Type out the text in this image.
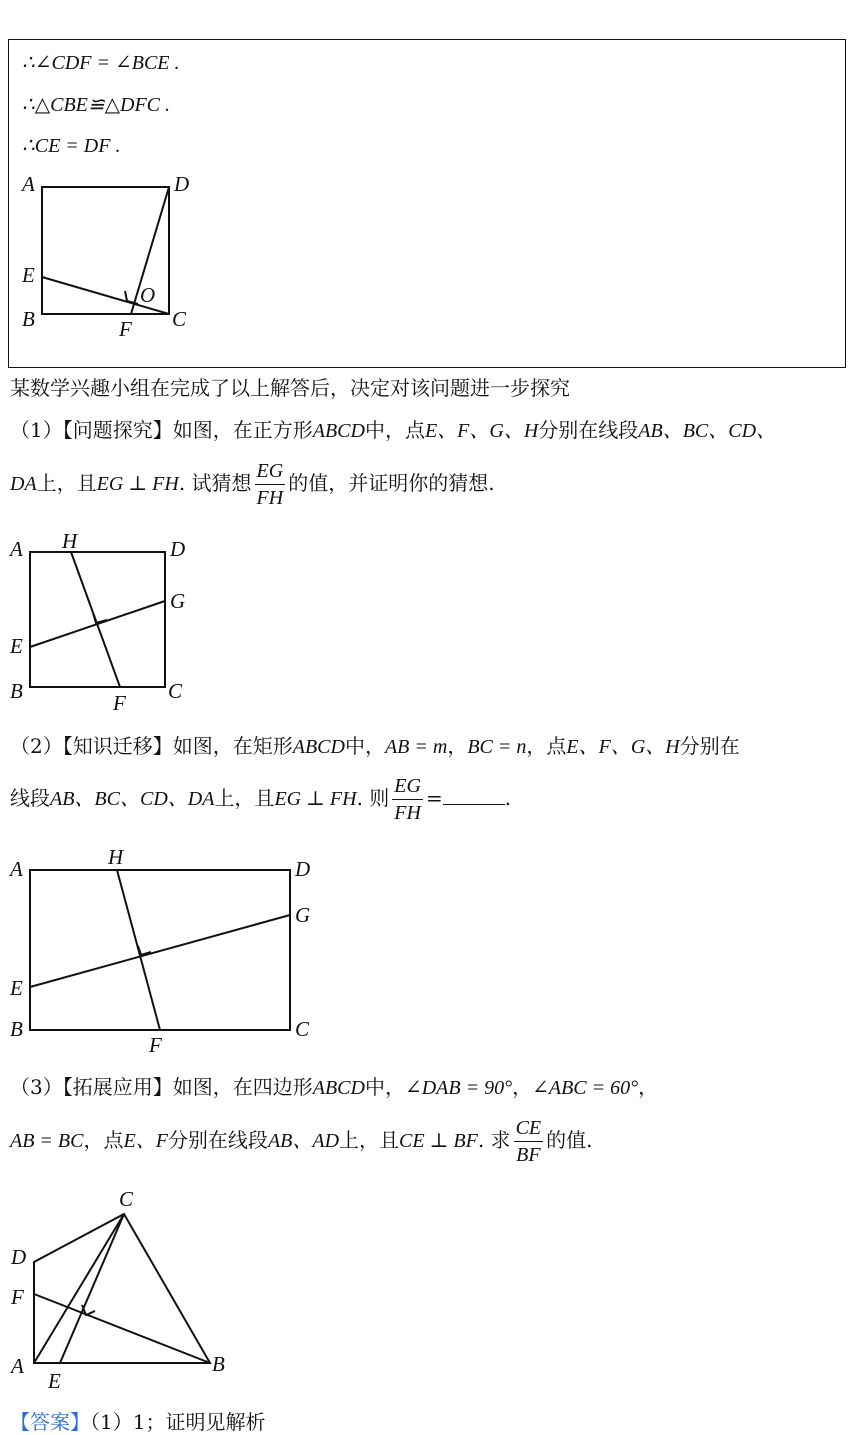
∴∠CDF = ∠BCE .
∴△CBE≌△DFC .
∴CE = DF .
A	D
E
O
B	F C
A H	D
G
E
B	F C
A	H	D
G
E
B
F
C
C
D
F
A
E
B
某数学兴趣小组在完成了以上解答后，决定对该问题进一步探究
（1）【问题探究】如图，在正方形ABCD中，点E、F、G、H分别在线段AB、BC、CD、
DA上，且EG ⊥ FH. 试猜想 $\frac{EG}{FH}$ 的值，并证明你的猜想.
（2）【知识迁移】如图，在矩形ABCD中，AB = m，BC = n，点E、F、G、H分别在
线段AB、BC、CD、DA上，且EG ⊥ FH. 则 $\frac{EG}{FH}$ =	.
（3）【拓展应用】如图，在四边形ABCD中，∠DAB = 90°，∠ABC = 60°，
AB = BC，点E、F分别在线段AB、AD上，且CE ⊥ BF. 求 $\frac{CE}{BF}$ 的值.
【答案】（1）1；证明见解析
